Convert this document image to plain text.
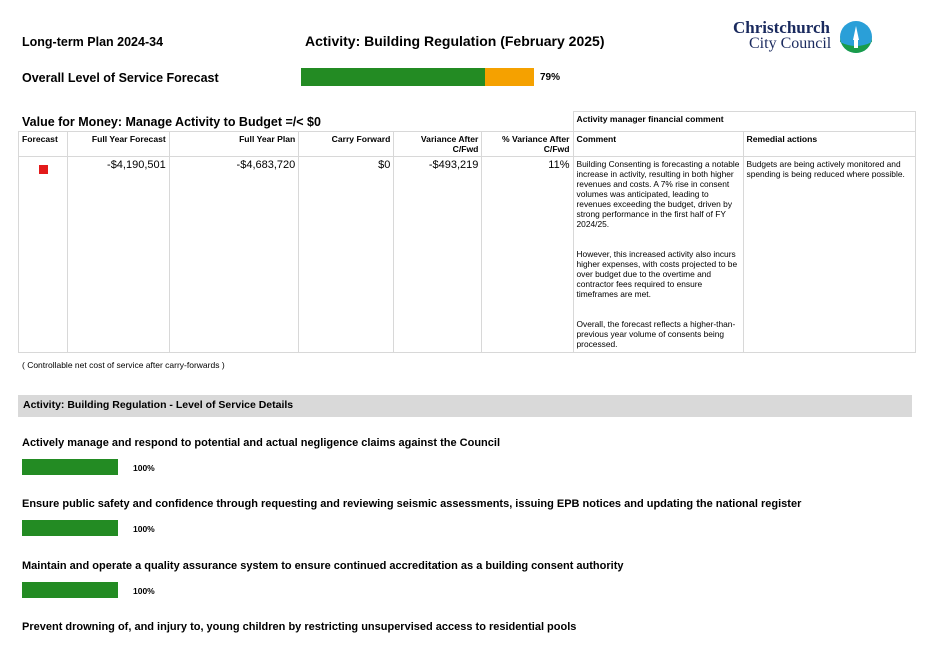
Long-term Plan 2024-34	Activity: Building Regulation (February 2025)
Christchurch
City Council
Overall Level of Service Forecast	79%
						Activity manager financial comment	
Forecast	Full Year Forecast	Full Year Plan	Carry Forward	Variance After C/Fwd	% Variance After C/Fwd	Comment	Remedial actions
	-$4,190,501	-$4,683,720	$0	-$493,219	11%	Building Consenting is forecasting a notable increase in activity, resulting in both higher revenues and costs. A 7% rise in consent volumes was anticipated, leading to revenues exceeding the budget, driven by strong performance in the first half of FY 2024/25.

However, this increased activity also incurs higher expenses, with costs projected to be over budget due to the overtime and contractor fees required to ensure timeframes are met.

Overall, the forecast reflects a higher-than-previous year volume of consents being processed.	Budgets are being actively monitored and spending is being reduced where possible.
Value for Money: Manage Activity to Budget =/< $0
( Controllable net cost of service after carry-forwards )
Activity: Building Regulation - Level of Service Details
Actively manage and respond to potential and actual negligence claims against the Council
100%
Ensure public safety and confidence through requesting and reviewing seismic assessments, issuing EPB notices and updating the national register
100%
Maintain and operate a quality assurance system to ensure continued accreditation as a building consent authority
100%
Prevent drowning of, and injury to, young children by restricting unsupervised access to residential pools
